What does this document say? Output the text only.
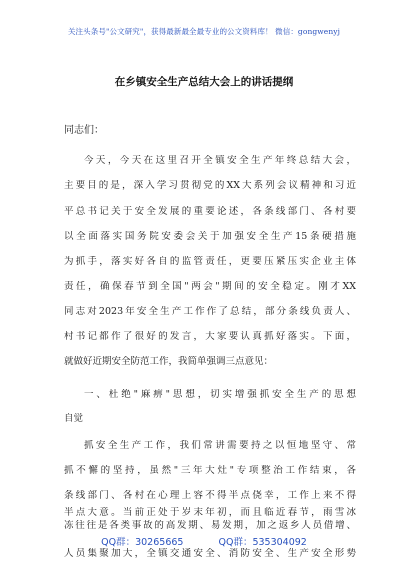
关注头条号"公文研究"，获得最新最全最专业的公文资料库！ 微信：gongwenyj
在乡镇安全生产总结大会上的讲话提纲
同志们：
今天，今天在这里召开全镇安全生产年终总结大会，
主要目的是，深入学习贯彻党的XX大系列会议精神和习近
平总书记关于安全发展的重要论述，各条线部门、各村要
以全面落实国务院安委会关于加强安全生产15条硬措施
为抓手，落实好各自的监管责任，更要压紧压实企业主体
责任，确保春节到全国"两会"期间的安全稳定。刚才XX
同志对2023年安全生产工作作了总结，部分条线负责人、
村书记都作了很好的发言，大家要认真抓好落实。下面，
就做好近期安全防范工作，我简单强调三点意见：
一、杜绝"麻痹"思想，切实增强抓安全生产的思想
自觉
抓安全生产工作，我们常讲需要持之以恒地坚守、常
抓不懈的坚持，虽然"三年大灶"专项整治工作结束，各
条线部门、各村在心理上容不得半点侥幸，工作上来不得
半点大意。当前正处于岁末年初，而且临近春节，雨雪冰
冻往往是各类事故的高发期、易发期，加之返乡人员借增、
人员集聚加大，全镇交通安全、消防安全、生产安全形势
QQ群：30265665	QQ群：535304092
